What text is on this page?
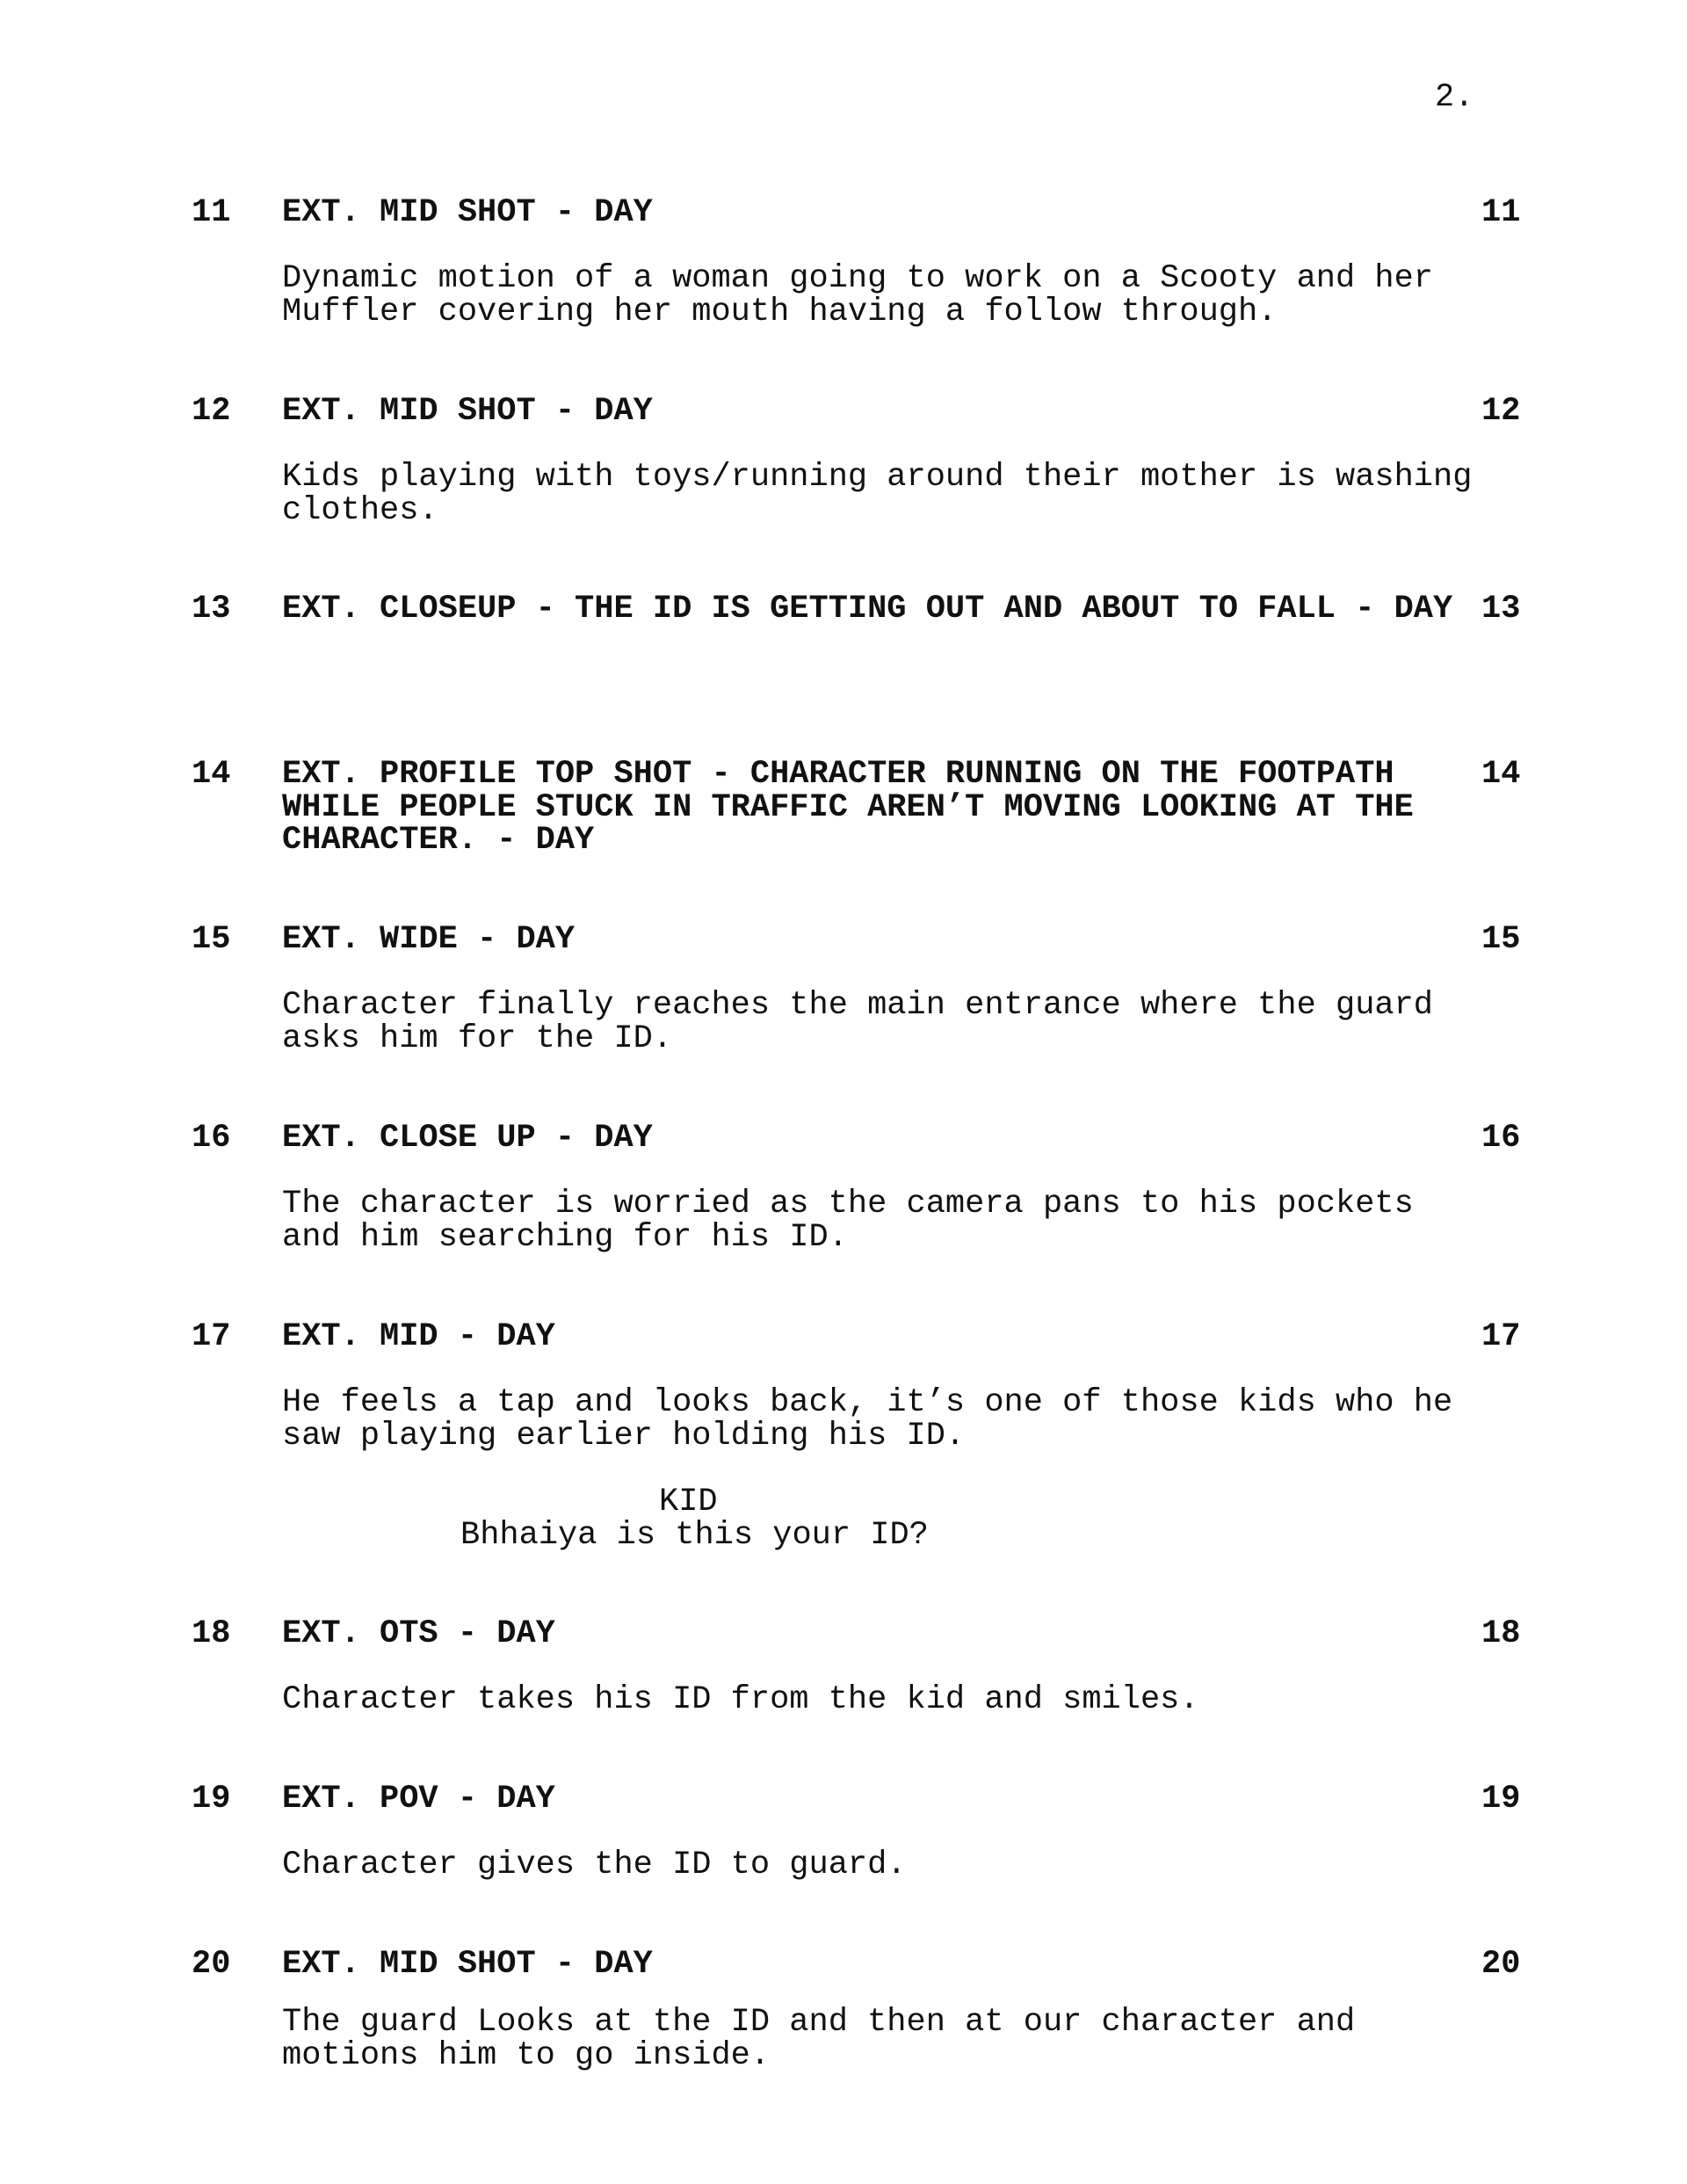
2.
11 EXT. MID SHOT - DAY	11
Dynamic motion of a woman going to work on a Scooty and her
Muffler covering her mouth having a follow through.
12 EXT. MID SHOT - DAY	12
Kids playing with toys/running around their mother is washing
clothes.
13 EXT. CLOSEUP - THE ID IS GETTING OUT AND ABOUT TO FALL - DAY 13
14 EXT. PROFILE TOP SHOT - CHARACTER RUNNING ON THE FOOTPATH
WHILE PEOPLE STUCK IN TRAFFIC AREN’T MOVING LOOKING AT THE
CHARACTER. - DAY
14
15 EXT. WIDE - DAY	15
Character finally reaches the main entrance where the guard
asks him for the ID.
16 EXT. CLOSE UP - DAY	16
The character is worried as the camera pans to his pockets
and him searching for his ID.
17 EXT. MID - DAY	17
He feels a tap and looks back, it’s one of those kids who he
saw playing earlier holding his ID.
KID
Bhhaiya is this your ID?
18 EXT. OTS - DAY	18
Character takes his ID from the kid and smiles.
19 EXT. POV - DAY	19
Character gives the ID to guard.
20 EXT. MID SHOT - DAY	20
The guard Looks at the ID and then at our character and
motions him to go inside.
